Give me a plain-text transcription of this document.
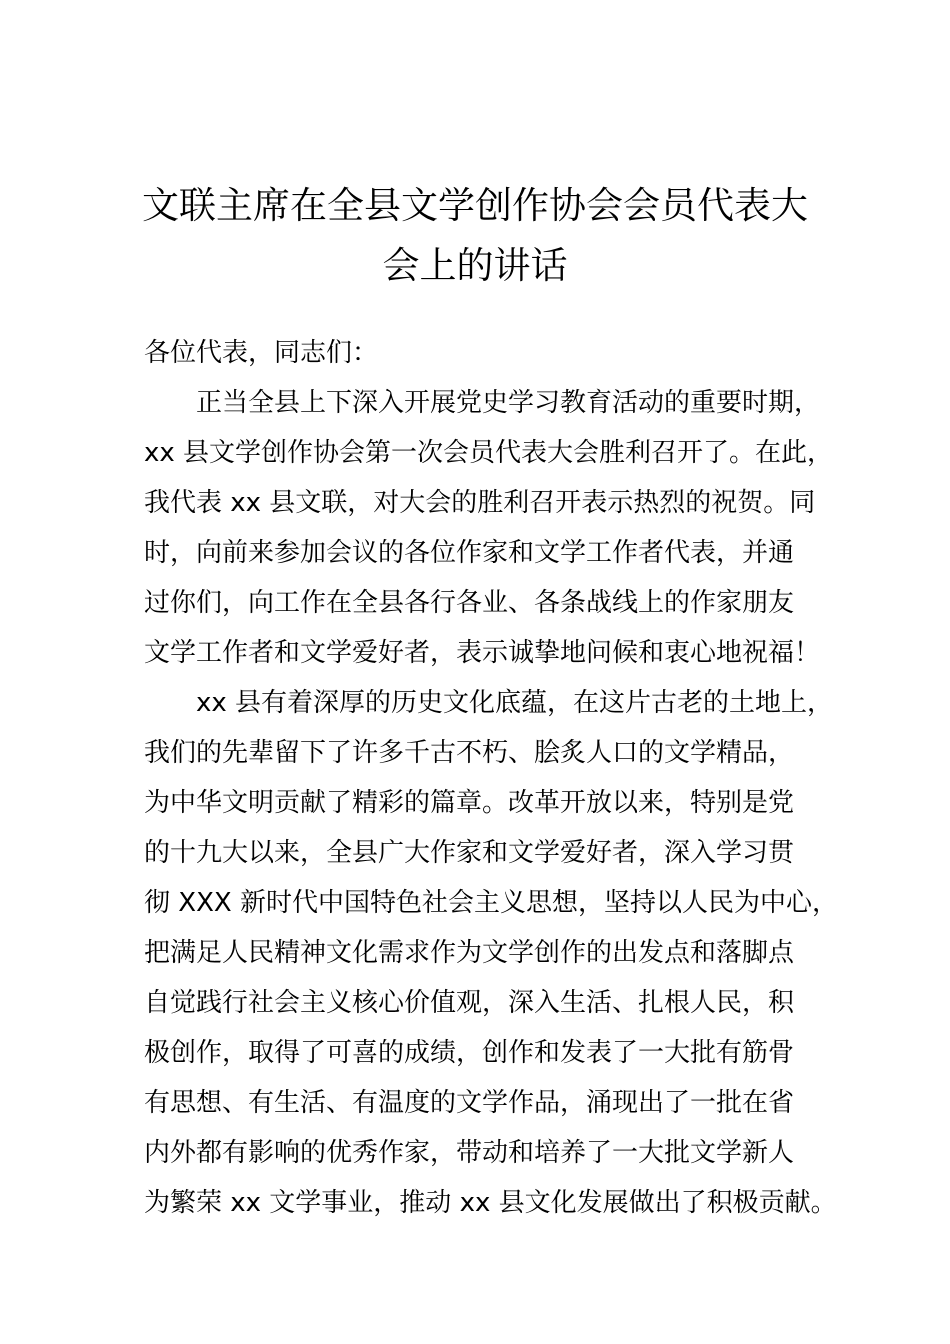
文联主席在全县文学创作协会会员代表大
会上的讲话
各位代表，同志们：
正当全县上下深入开展党史学习教育活动的重要时期，
xx 县文学创作协会第一次会员代表大会胜利召开了。在此，
我代表 xx 县文联，对大会的胜利召开表示热烈的祝贺。同
时，向前来参加会议的各位作家和文学工作者代表，并通
过你们，向工作在全县各行各业、各条战线上的作家朋友
文学工作者和文学爱好者，表示诚挚地问候和衷心地祝福！
xx 县有着深厚的历史文化底蕴，在这片古老的土地上，
我们的先辈留下了许多千古不朽、脍炙人口的文学精品，
为中华文明贡献了精彩的篇章。改革开放以来，特别是党
的十九大以来，全县广大作家和文学爱好者，深入学习贯
彻 XXX 新时代中国特色社会主义思想，坚持以人民为中心，
把满足人民精神文化需求作为文学创作的出发点和落脚点
自觉践行社会主义核心价值观，深入生活、扎根人民，积
极创作，取得了可喜的成绩，创作和发表了一大批有筋骨
有思想、有生活、有温度的文学作品，涌现出了一批在省
内外都有影响的优秀作家，带动和培养了一大批文学新人
为繁荣 xx 文学事业，推动 xx 县文化发展做出了积极贡献。
